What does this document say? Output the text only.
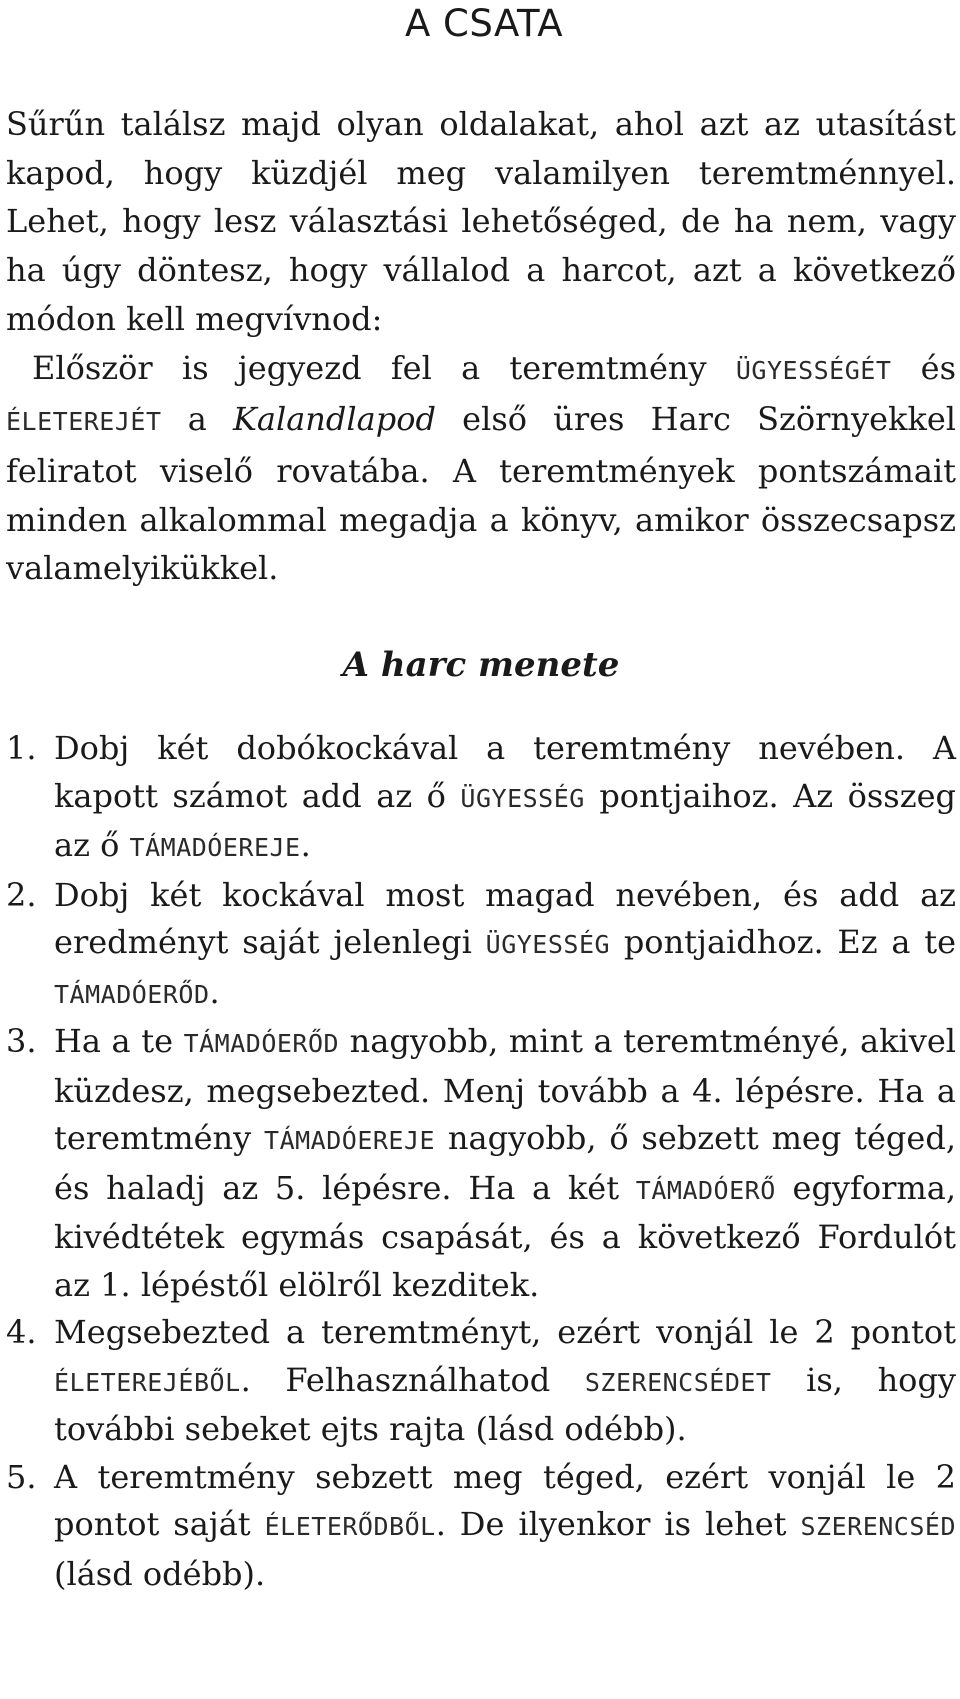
A CSATA

Sűrűn találsz majd olyan oldalakat, ahol azt az utasítást kapod, hogy küzdjél meg valamilyen teremtménnyel. Lehet, hogy lesz választási lehetőséged, de ha nem, vagy ha úgy döntesz, hogy vállalod a harcot, azt a következő módon kell megvívnod:

Először is jegyezd fel a teremtmény ÜGYESSÉGÉT és ÉLETEREJÉT a Kalandlapod első üres Harc Szörnyekkel feliratot viselő rovatába. A teremtmények pontszámait minden alkalommal megadja a könyv, amikor összecsapsz valamelyikükkel.

A harc menete
1. Dobj két dobókockával a teremtmény nevében. A kapott számot add az ő ÜGYESSÉG pontjaihoz. Az összeg az ő TÁMADÓEREJE.
2. Dobj két kockával most magad nevében, és add az eredményt saját jelenlegi ÜGYESSÉG pontjaidhoz. Ez a te TÁMADÓERŐD.
3. Ha a te TÁMADÓERŐD nagyobb, mint a teremtményé, akivel küzdesz, megsebezted. Menj tovább a 4. lépésre. Ha a teremtmény TÁMADÓEREJE nagyobb, ő sebzett meg téged, és haladj az 5. lépésre. Ha a két TÁMADÓERŐ egyforma, kivédtétek egymás csapását, és a következő Fordulót az 1. lépéstől elölről kezditek.
4. Megsebezted a teremtményt, ezért vonjál le 2 pontot ÉLETEREJÉBŐL. Felhasználhatod SZERENCSÉDET is, hogy további sebeket ejts rajta (lásd odébb).
5. A teremtmény sebzett meg téged, ezért vonjál le 2 pontot saját ÉLETERŐDBŐL. De ilyenkor is lehet SZERENCSÉD (lásd odébb).
